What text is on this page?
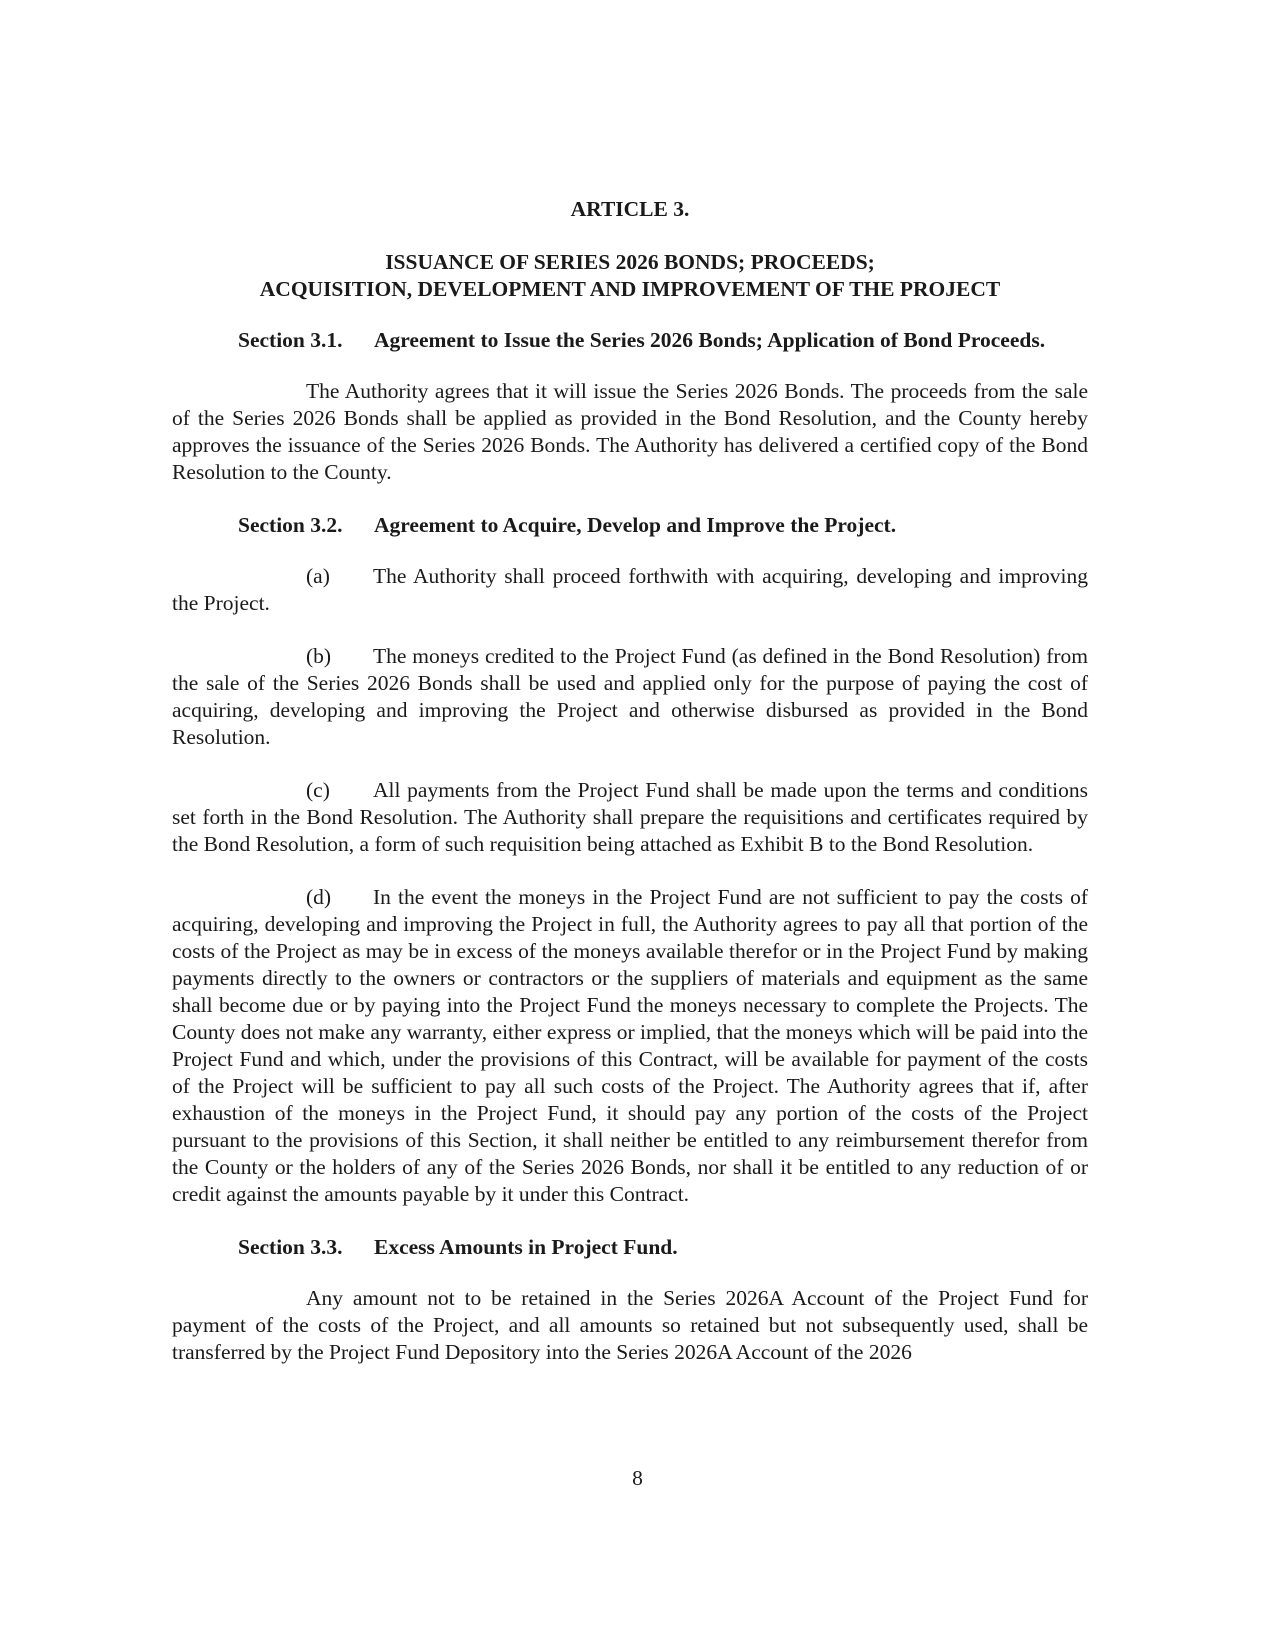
ARTICLE 3.
ISSUANCE OF SERIES 2026 BONDS; PROCEEDS;
ACQUISITION, DEVELOPMENT AND IMPROVEMENT OF THE PROJECT
Section 3.1. Agreement to Issue the Series 2026 Bonds; Application of Bond Proceeds.

The Authority agrees that it will issue the Series 2026 Bonds. The proceeds from the sale of the Series 2026 Bonds shall be applied as provided in the Bond Resolution, and the County hereby approves the issuance of the Series 2026 Bonds. The Authority has delivered a certified copy of the Bond Resolution to the County.

Section 3.2. Agreement to Acquire, Develop and Improve the Project.

(a) The Authority shall proceed forthwith with acquiring, developing and improving the Project.

(b) The moneys credited to the Project Fund (as defined in the Bond Resolution) from the sale of the Series 2026 Bonds shall be used and applied only for the purpose of paying the cost of acquiring, developing and improving the Project and otherwise disbursed as provided in the Bond Resolution.

(c) All payments from the Project Fund shall be made upon the terms and conditions set forth in the Bond Resolution. The Authority shall prepare the requisitions and certificates required by the Bond Resolution, a form of such requisition being attached as Exhibit B to the Bond Resolution.

(d) In the event the moneys in the Project Fund are not sufficient to pay the costs of acquiring, developing and improving the Project in full, the Authority agrees to pay all that portion of the costs of the Project as may be in excess of the moneys available therefor or in the Project Fund by making payments directly to the owners or contractors or the suppliers of materials and equipment as the same shall become due or by paying into the Project Fund the moneys necessary to complete the Projects. The County does not make any warranty, either express or implied, that the moneys which will be paid into the Project Fund and which, under the provisions of this Contract, will be available for payment of the costs of the Project will be sufficient to pay all such costs of the Project. The Authority agrees that if, after exhaustion of the moneys in the Project Fund, it should pay any portion of the costs of the Project pursuant to the provisions of this Section, it shall neither be entitled to any reimbursement therefor from the County or the holders of any of the Series 2026 Bonds, nor shall it be entitled to any reduction of or credit against the amounts payable by it under this Contract.

Section 3.3. Excess Amounts in Project Fund.

Any amount not to be retained in the Series 2026A Account of the Project Fund for payment of the costs of the Project, and all amounts so retained but not subsequently used, shall be transferred by the Project Fund Depository into the Series 2026A Account of the 2026

8
